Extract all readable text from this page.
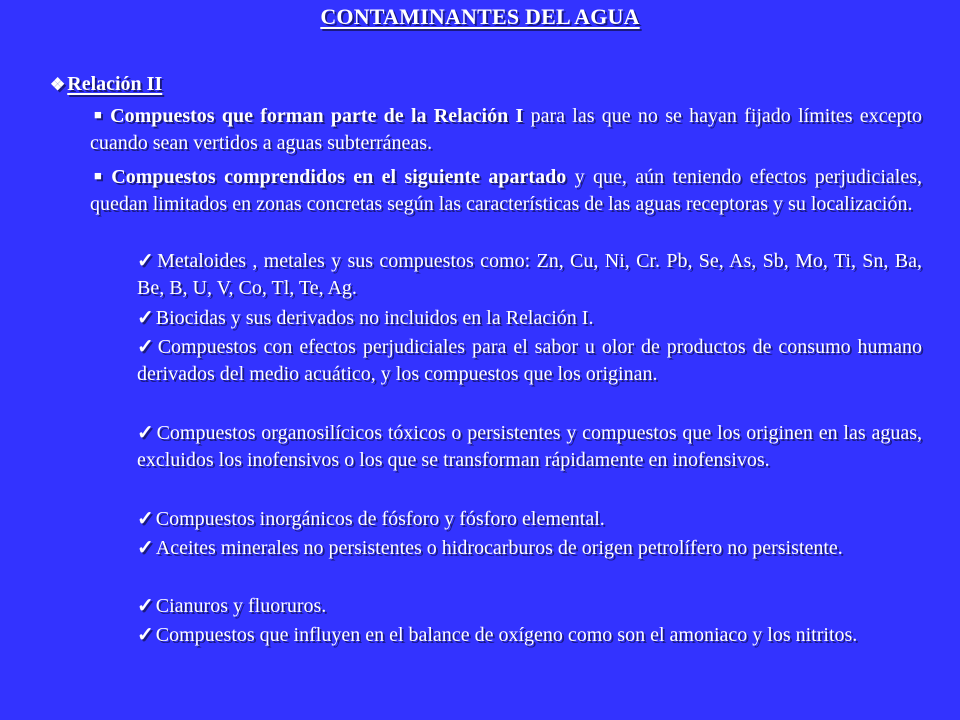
CONTAMINANTES DEL AGUA
❖ Relación II
■ Compuestos que forman parte de la Relación I para las que no se hayan fijado límites excepto cuando sean vertidos a aguas subterráneas.
■ Compuestos comprendidos en el siguiente apartado y que, aún teniendo efectos perjudiciales, quedan limitados en zonas concretas según las características de las aguas receptoras y su localización.
✓ Metaloides , metales y sus compuestos como: Zn, Cu, Ni, Cr. Pb, Se, As, Sb, Mo, Ti, Sn, Ba, Be, B, U, V, Co, Tl, Te, Ag.
✓ Biocidas y sus derivados no incluidos en la Relación I.
✓ Compuestos con efectos perjudiciales para el sabor u olor de productos de consumo humano derivados del medio acuático, y los compuestos que los originan.
✓ Compuestos organosilícicos tóxicos o persistentes y compuestos que los originen en las aguas, excluidos los inofensivos o los que se transforman rápidamente en inofensivos.
✓ Compuestos inorgánicos de fósforo y fósforo elemental.
✓ Aceites minerales no persistentes o hidrocarburos de origen petrolífero no persistente.
✓ Cianuros y fluoruros.
✓ Compuestos que influyen en el balance de oxígeno como son el amoniaco y los nitritos.
